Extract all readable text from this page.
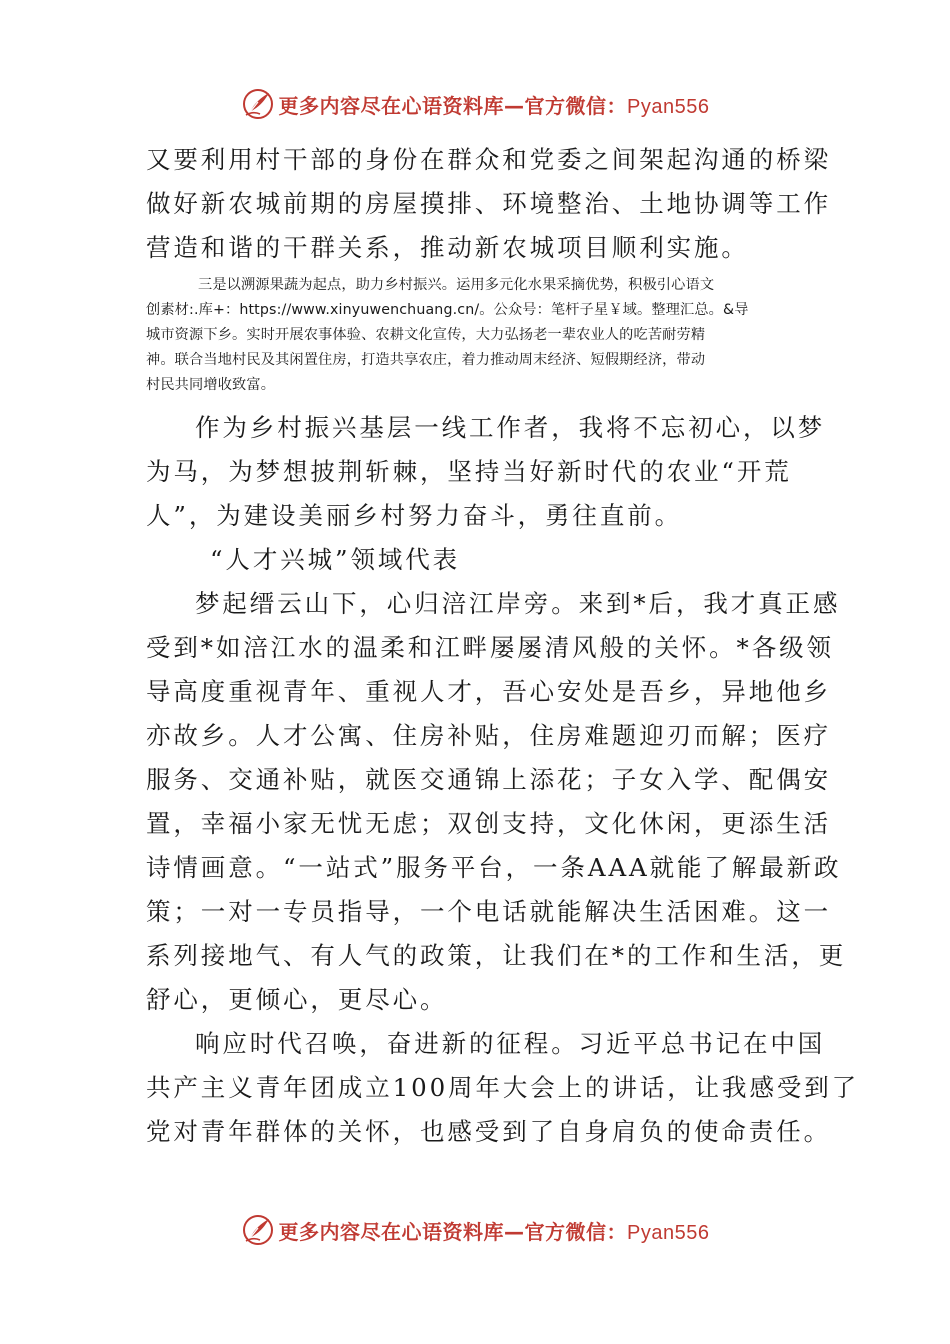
更多内容尽在心语资料库—官方微信：Pyan556
又要利用村干部的身份在群众和党委之间架起沟通的桥梁
做好新农城前期的房屋摸排、环境整治、土地协调等工作
营造和谐的干群关系，推动新农城项目顺利实施。
三是以溯源果蔬为起点，助力乡村振兴。运用多元化水果采摘优势，积极引心语文
创素材:.库+：https://www.xinyuwenchuang.cn/。公众号：笔杆子星￥域。整理汇总。&导
城市资源下乡。实时开展农事体验、农耕文化宣传，大力弘扬老一辈农业人的吃苦耐劳精
神。联合当地村民及其闲置住房，打造共享农庄，着力推动周末经济、短假期经济，带动
村民共同增收致富。
作为乡村振兴基层一线工作者，我将不忘初心，以梦
为马，为梦想披荆斩棘，坚持当好新时代的农业“开荒
人”，为建设美丽乡村努力奋斗，勇往直前。
“人才兴城”领域代表
梦起缙云山下，心归涪江岸旁。来到*后，我才真正感
受到*如涪江水的温柔和江畔屡屡清风般的关怀。*各级领
导高度重视青年、重视人才，吾心安处是吾乡，异地他乡
亦故乡。人才公寓、住房补贴，住房难题迎刃而解；医疗
服务、交通补贴，就医交通锦上添花；子女入学、配偶安
置，幸福小家无忧无虑；双创支持，文化休闲，更添生活
诗情画意。“一站式”服务平台，一条AAA就能了解最新政
策；一对一专员指导，一个电话就能解决生活困难。这一
系列接地气、有人气的政策，让我们在*的工作和生活，更
舒心，更倾心，更尽心。
响应时代召唤，奋进新的征程。习近平总书记在中国
共产主义青年团成立100周年大会上的讲话，让我感受到了
党对青年群体的关怀，也感受到了自身肩负的使命责任。
更多内容尽在心语资料库—官方微信：Pyan556
